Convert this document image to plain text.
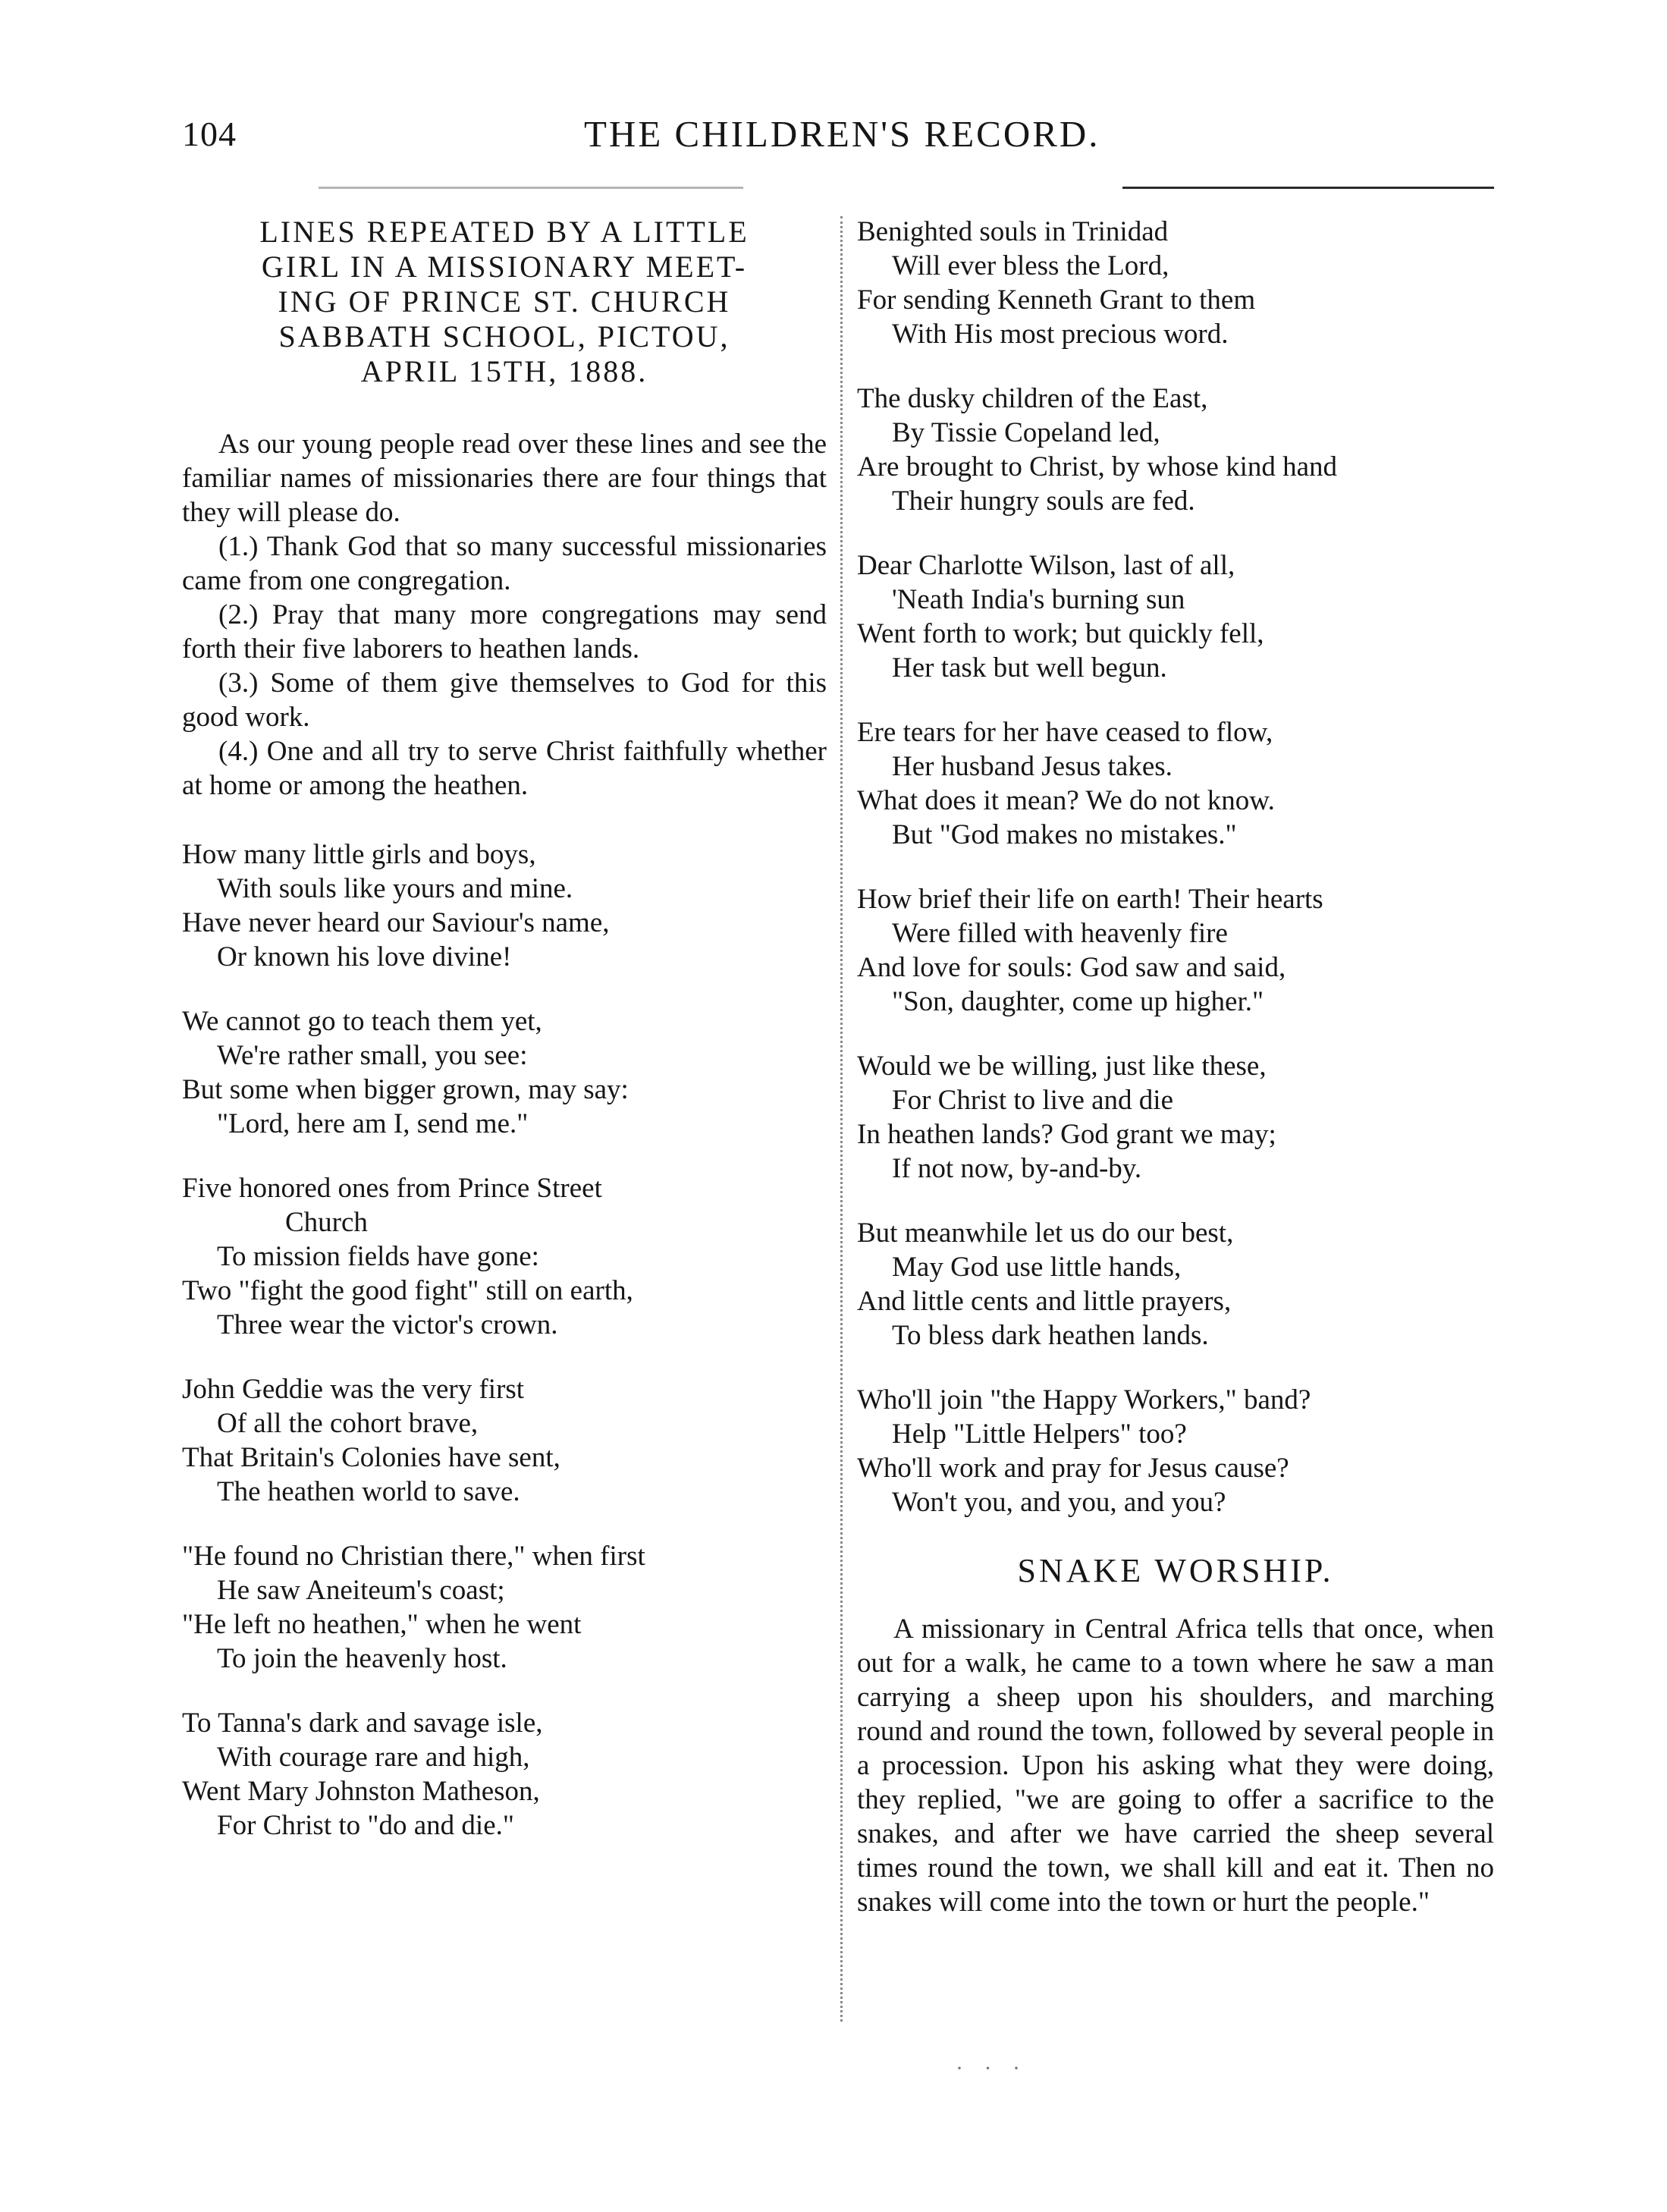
104	THE CHILDREN'S RECORD.
LINES REPEATED BY A LITTLE
GIRL IN A MISSIONARY MEET-
ING OF PRINCE ST. CHURCH
SABBATH SCHOOL, PICTOU,
APRIL 15TH, 1888.

As our young people read over these lines and see the familiar names of missionaries there are four things that they will please do.

(1.) Thank God that so many successful missionaries came from one congregation.

(2.) Pray that many more congregations may send forth their five laborers to heathen lands.

(3.) Some of them give themselves to God for this good work.

(4.) One and all try to serve Christ faithfully whether at home or among the heathen.

How many little girls and boys,
With souls like yours and mine.
Have never heard our Saviour's name,
Or known his love divine!
We cannot go to teach them yet,
We're rather small, you see:
But some when bigger grown, may say:
"Lord, here am I, send me."
Five honored ones from Prince Street
Church
To mission fields have gone:
Two "fight the good fight" still on earth,
Three wear the victor's crown.
John Geddie was the very first
Of all the cohort brave,
That Britain's Colonies have sent,
The heathen world to save.
"He found no Christian there," when first
He saw Aneiteum's coast;
"He left no heathen," when he went
To join the heavenly host.
To Tanna's dark and savage isle,
With courage rare and high,
Went Mary Johnston Matheson,
For Christ to "do and die."
Benighted souls in Trinidad
Will ever bless the Lord,
For sending Kenneth Grant to them
With His most precious word.
The dusky children of the East,
By Tissie Copeland led,
Are brought to Christ, by whose kind hand
Their hungry souls are fed.
Dear Charlotte Wilson, last of all,
'Neath India's burning sun
Went forth to work; but quickly fell,
Her task but well begun.
Ere tears for her have ceased to flow,
Her husband Jesus takes.
What does it mean? We do not know.
But "God makes no mistakes."
How brief their life on earth! Their hearts
Were filled with heavenly fire
And love for souls: God saw and said,
"Son, daughter, come up higher."
Would we be willing, just like these,
For Christ to live and die
In heathen lands? God grant we may;
If not now, by-and-by.
But meanwhile let us do our best,
May God use little hands,
And little cents and little prayers,
To bless dark heathen lands.
Who'll join "the Happy Workers," band?
Help "Little Helpers" too?
Who'll work and pray for Jesus cause?
Won't you, and you, and you?
SNAKE WORSHIP.

A missionary in Central Africa tells that once, when out for a walk, he came to a town where he saw a man carrying a sheep upon his shoulders, and marching round and round the town, followed by several people in a procession. Upon his asking what they were doing, they replied, "we are going to offer a sacrifice to the snakes, and after we have carried the sheep several times round the town, we shall kill and eat it. Then no snakes will come into the town or hurt the people."

· · ·
